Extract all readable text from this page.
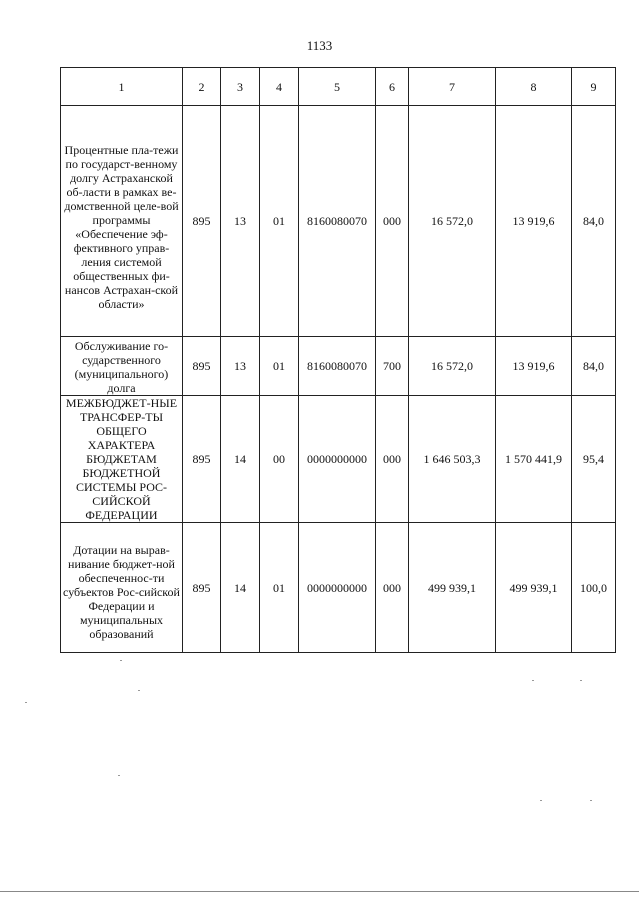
1133
1	2	3	4	5	6	7	8	9
Процентные пла-тежи по государст-венному долгу Астраханской об-ласти в рамках ве-домственной целе-вой программы «Обеспечение эф-фективного управ-ления системой общественных фи-нансов Астрахан-ской области»	895	13	01	8160080070	000	16 572,0	13 919,6	84,0
Обслуживание го-сударственного (муниципального) долга	895	13	01	8160080070	700	16 572,0	13 919,6	84,0
МЕЖБЮДЖЕТ-НЫЕ ТРАНСФЕР-ТЫ ОБЩЕГО ХАРАКТЕРА БЮДЖЕТАМ БЮДЖЕТНОЙ СИСТЕМЫ РОС-СИЙСКОЙ ФЕДЕРАЦИИ	895	14	00	0000000000	000	1 646 503,3	1 570 441,9	95,4
Дотации на вырав-нивание бюджет-ной обеспеченнос-ти субъектов Рос-сийской Федерации и муниципальных образований	895	14	01	0000000000	000	499 939,1	499 939,1	100,0
